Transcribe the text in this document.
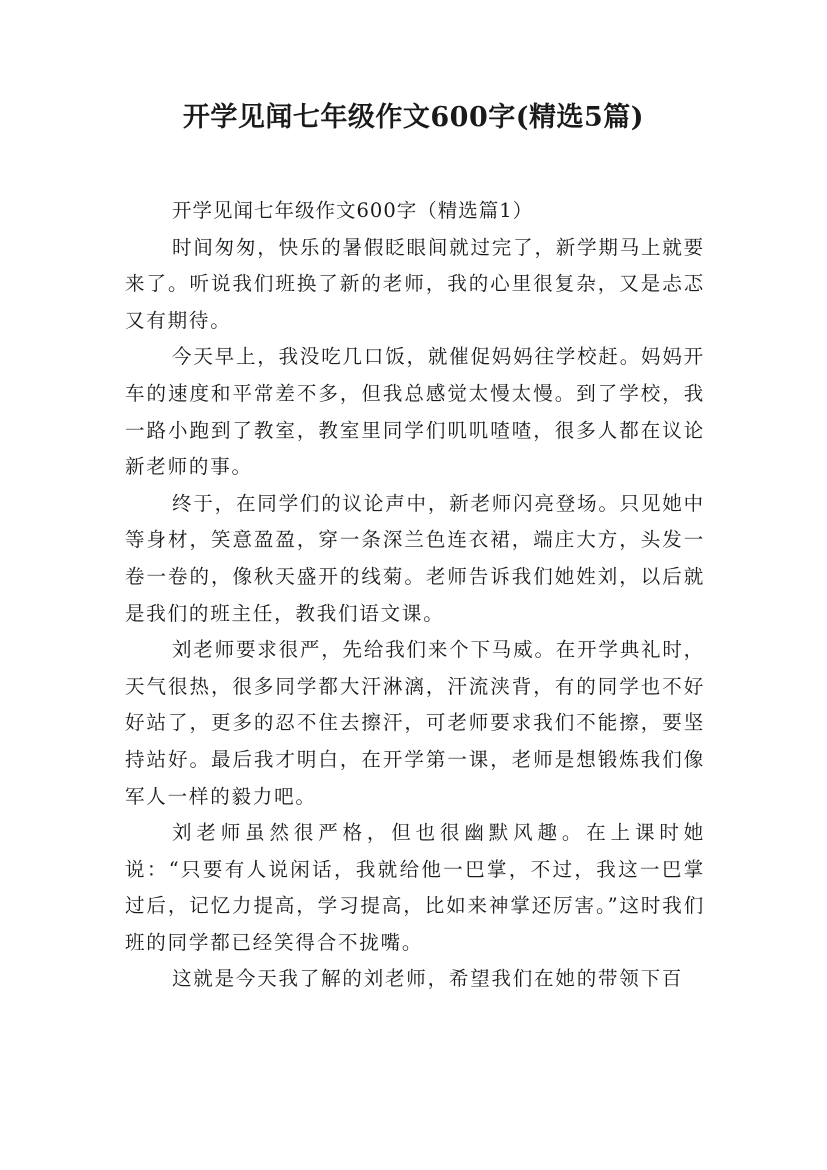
开学见闻七年级作文600字(精选5篇)

开学见闻七年级作文600字（精选篇1）

时间匆匆，快乐的暑假眨眼间就过完了，新学期马上就要来了。听说我们班换了新的老师，我的心里很复杂，又是忐忑又有期待。

今天早上，我没吃几口饭，就催促妈妈往学校赶。妈妈开车的速度和平常差不多，但我总感觉太慢太慢。到了学校，我一路小跑到了教室，教室里同学们叽叽喳喳，很多人都在议论新老师的事。

终于，在同学们的议论声中，新老师闪亮登场。只见她中等身材，笑意盈盈，穿一条深兰色连衣裙，端庄大方，头发一卷一卷的，像秋天盛开的线菊。老师告诉我们她姓刘，以后就是我们的班主任，教我们语文课。

刘老师要求很严，先给我们来个下马威。在开学典礼时，天气很热，很多同学都大汗淋漓，汗流浃背，有的同学也不好好站了，更多的忍不住去擦汗，可老师要求我们不能擦，要坚持站好。最后我才明白，在开学第一课，老师是想锻炼我们像军人一样的毅力吧。

刘老师虽然很严格，但也很幽默风趣。在上课时她说：“只要有人说闲话，我就给他一巴掌，不过，我这一巴掌过后，记忆力提高，学习提高，比如来神掌还厉害。”这时我们班的同学都已经笑得合不拢嘴。

这就是今天我了解的刘老师，希望我们在她的带领下百
